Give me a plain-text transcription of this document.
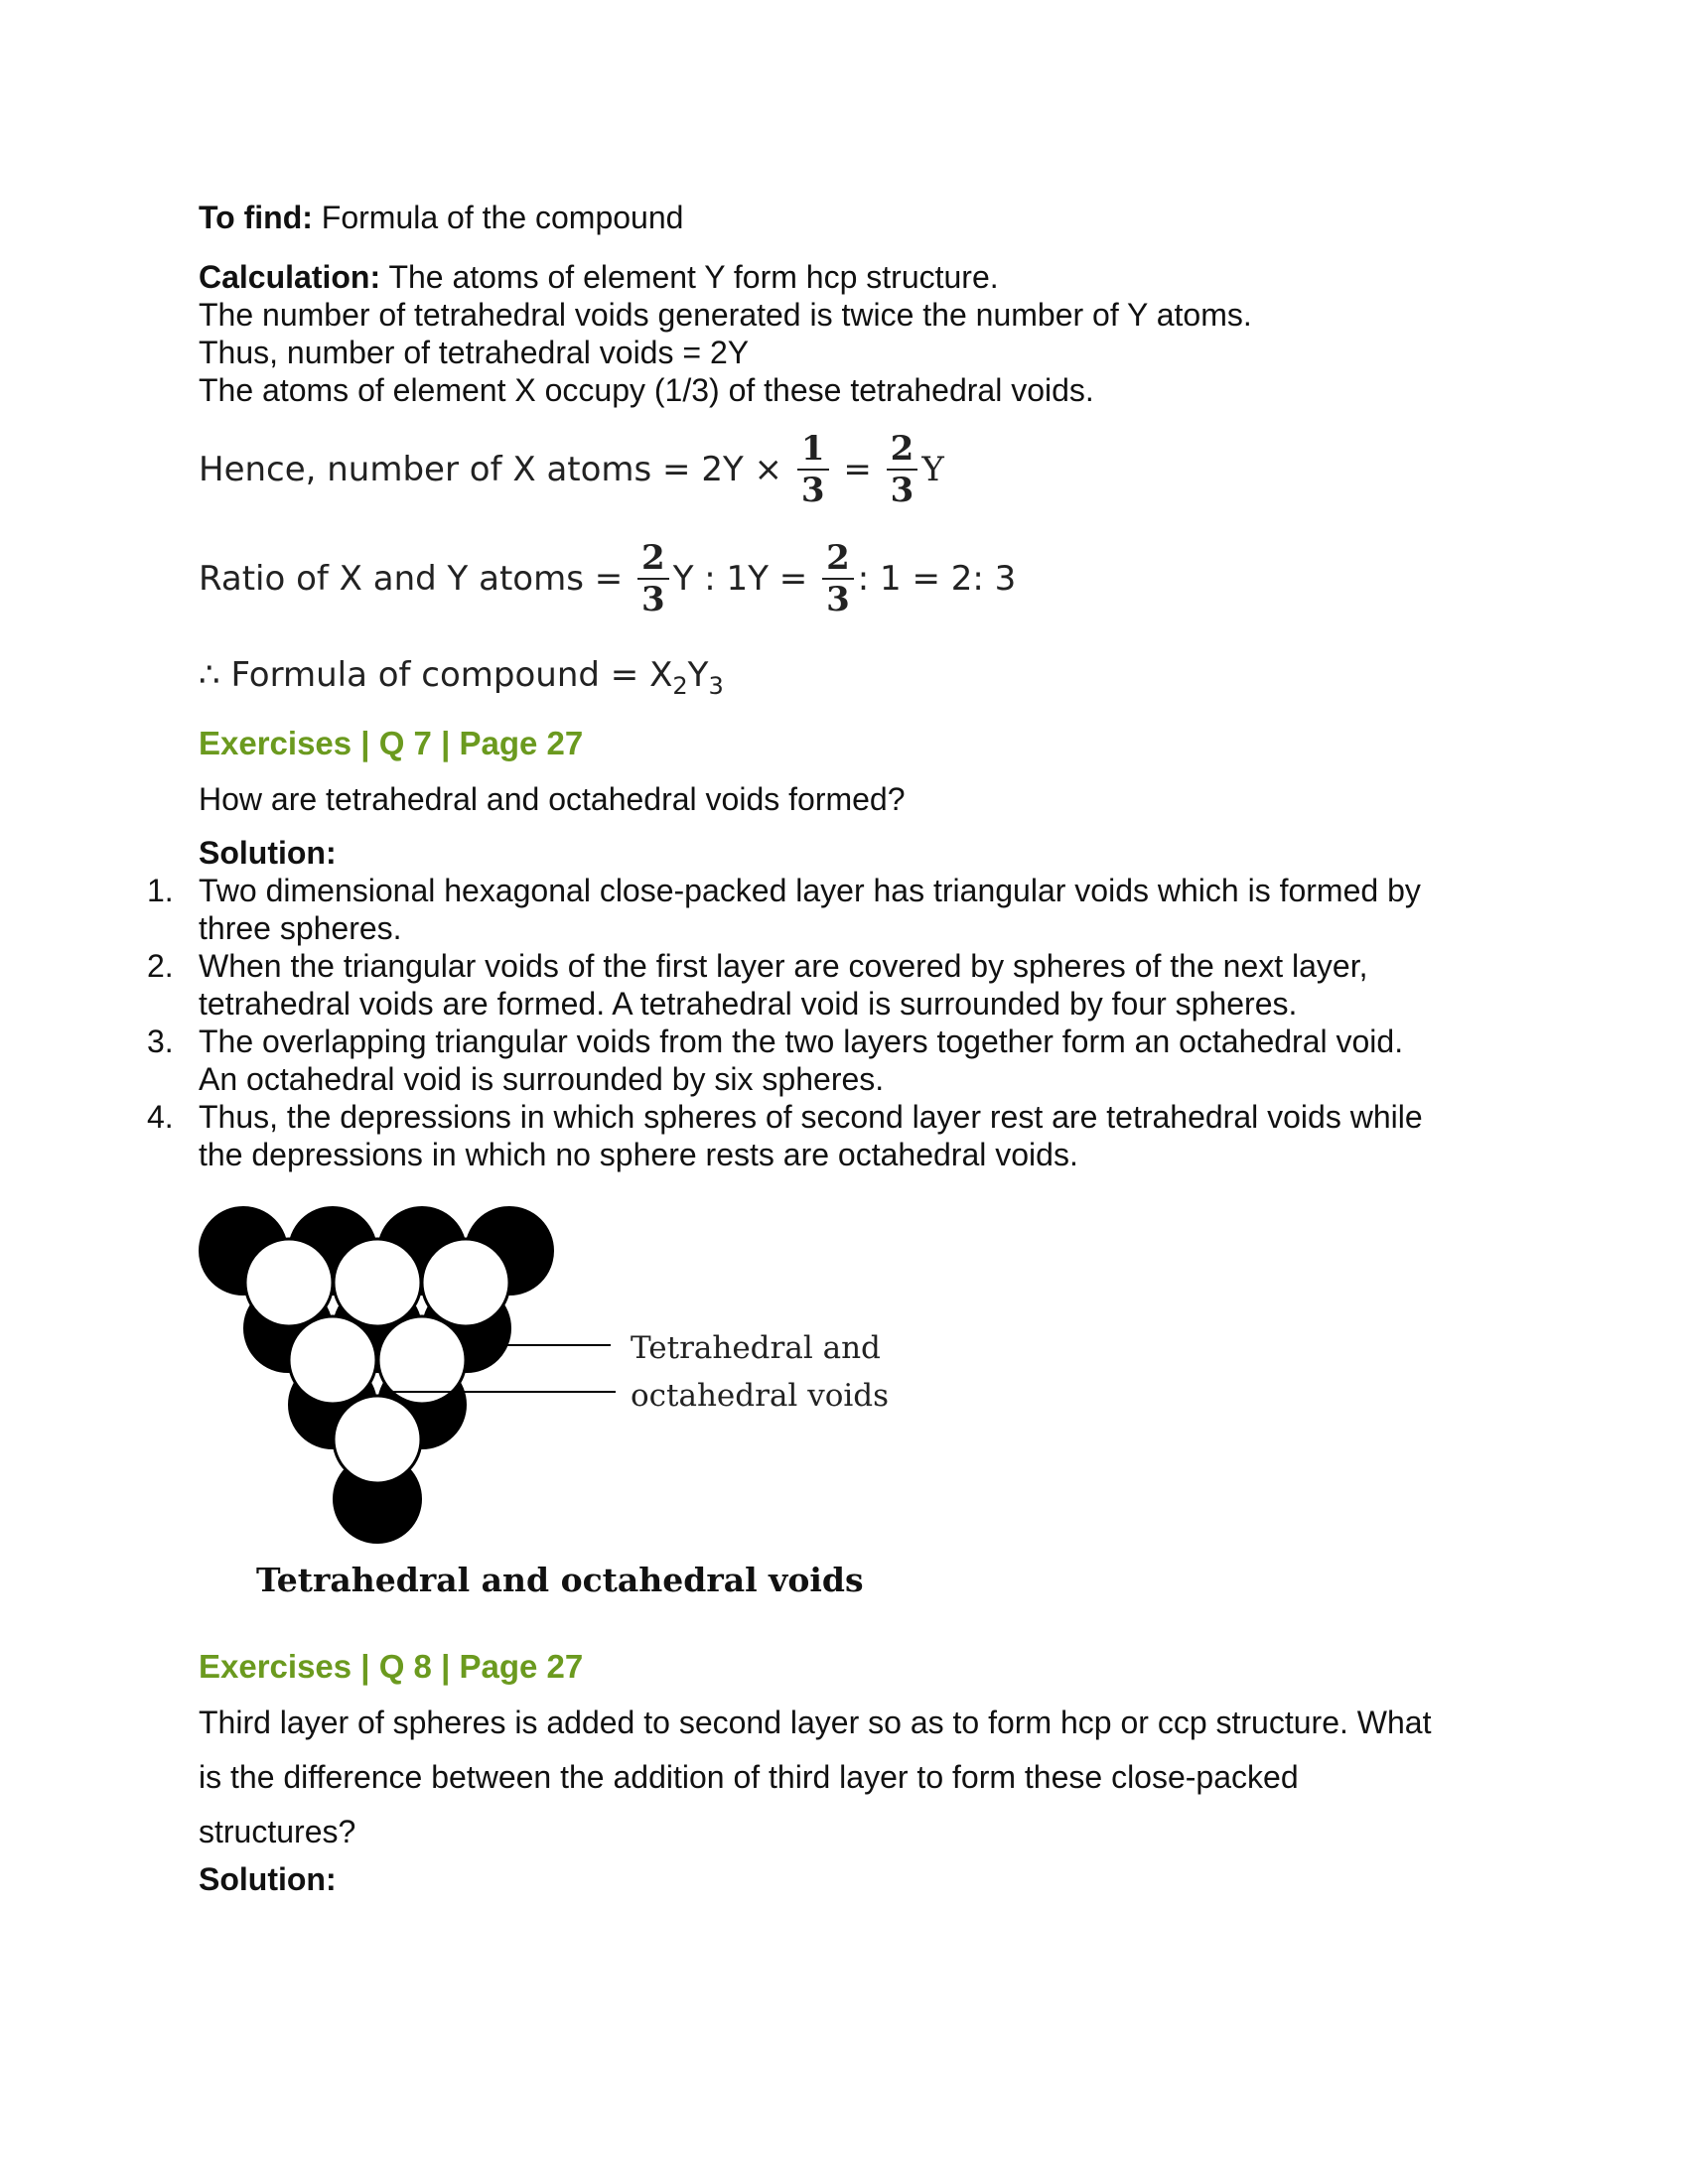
To find: Formula of the compound
Calculation: The atoms of element Y form hcp structure.
The number of tetrahedral voids generated is twice the number of Y atoms.
Thus, number of tetrahedral voids = 2Y
The atoms of element X occupy (1/3) of these tetrahedral voids.
Hence, number of X atoms = $2Y \times \frac{1}{3} = \frac{2}{3}$ Y
Ratio of X and Y atoms = $\frac{2}{3}$ Y : $1Y = \frac{2}{3}$ : 1 = 2: 3
∴ Formula of compound = $X_2Y_3$
Exercises | Q 7 | Page 27
How are tetrahedral and octahedral voids formed?
Solution:
1. Two dimensional hexagonal close-packed layer has triangular voids which is formed by
three spheres.
2. When the triangular voids of the first layer are covered by spheres of the next layer,
tetrahedral voids are formed. A tetrahedral void is surrounded by four spheres.
3. The overlapping triangular voids from the two layers together form an octahedral void.
An octahedral void is surrounded by six spheres.
4. Thus, the depressions in which spheres of second layer rest are tetrahedral voids while
the depressions in which no sphere rests are octahedral voids.
Tetrahedral and
octahedral voids
Tetrahedral and octahedral voids
Exercises | Q 8 | Page 27
Third layer of spheres is added to second layer so as to form hcp or ccp structure. What
is the difference between the addition of third layer to form these close-packed
structures?
Solution:
